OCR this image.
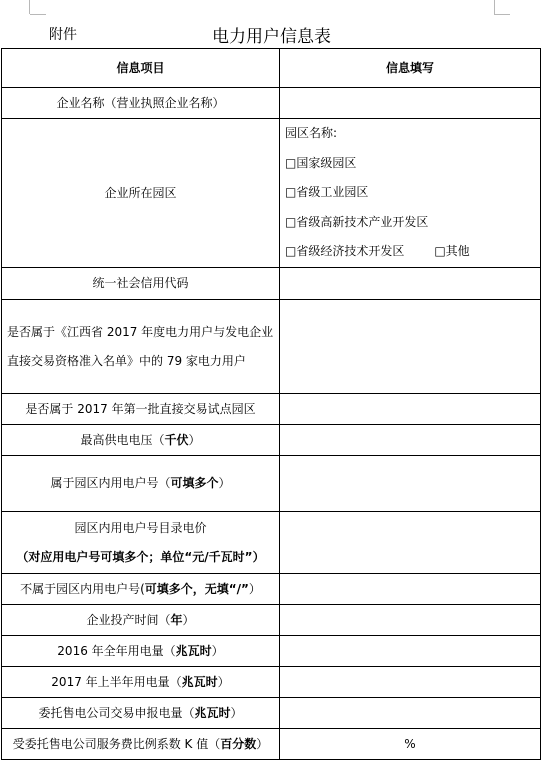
附件	电力用户信息表
信息项目	信息填写
企业名称（营业执照企业名称）	
企业所在园区	园区名称:
□国家级园区
□省级工业园区
□省级高新技术产业开发区
□省级经济技术开发区 □其他

统一社会信用代码	
是否属于《江西省 2017 年度电力用户与发电企业直接交易资格准入名单》中的 79 家电力用户	
是否属于 2017 年第一批直接交易试点园区	
最高供电电压（千伏）	
属于园区内用电户号（可填多个）	

园区内用电户号目录电价
（对应用电户号可填多个；单位“元/千瓦时”）	

不属于园区内用电户号(可填多个，无填“/”）	
企业投产时间（年）	
2016 年全年用电量（兆瓦时）	
2017 年上半年用电量（兆瓦时）	
委托售电公司交易申报电量（兆瓦时）	
受委托售电公司服务费比例系数 K 值（百分数）	%
